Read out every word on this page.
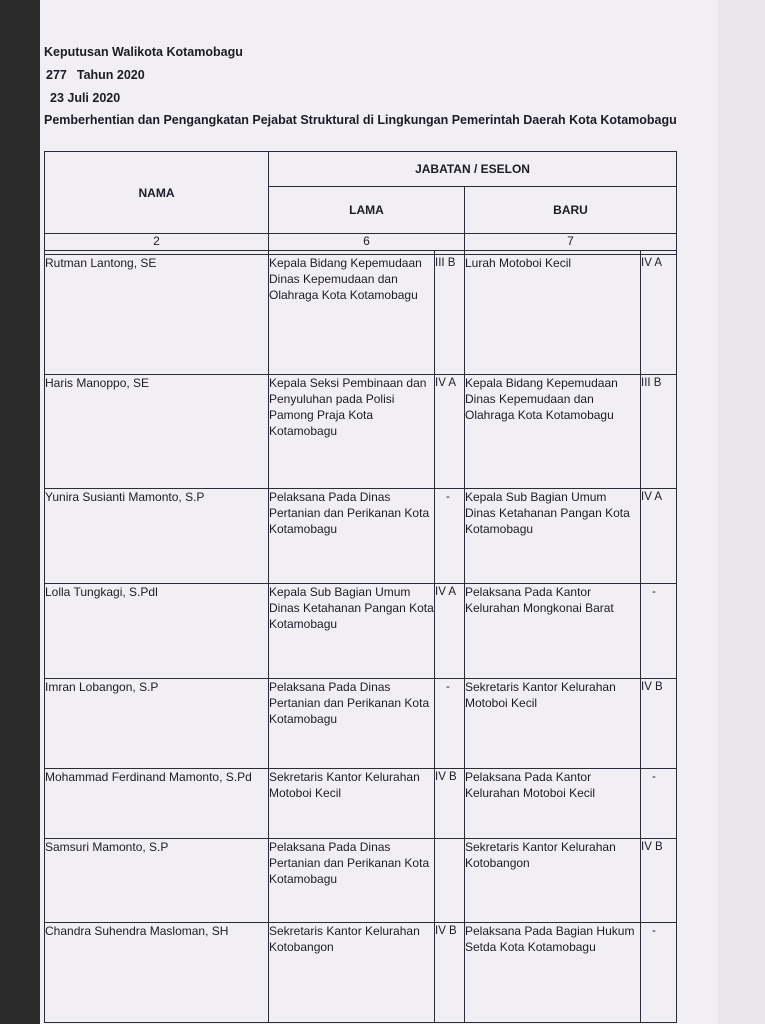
Keputusan Walikota Kotamobagu
277 Tahun 2020
23 Juli 2020
Pemberhentian dan Pengangkatan Pejabat Struktural di Lingkungan Pemerintah Daerah Kota Kotamobagu
NAMA	JABATAN / ESELON			
	LAMA		BARU	
2	6		7	

Rutman Lantong, SE	Kepala Bidang Kepemudaan Dinas Kepemudaan dan Olahraga Kota Kotamobagu	III B	Lurah Motoboi Kecil	IV A
Haris Manoppo, SE	Kepala Seksi Pembinaan dan Penyuluhan pada Polisi Pamong Praja Kota Kotamobagu	IV A	Kepala Bidang Kepemudaan Dinas Kepemudaan dan Olahraga Kota Kotamobagu	III B
Yunira Susianti Mamonto, S.P	Pelaksana Pada Dinas Pertanian dan Perikanan Kota Kotamobagu	-	Kepala Sub Bagian Umum Dinas Ketahanan Pangan Kota Kotamobagu	IV A
Lolla Tungkagi, S.Pdl	Kepala Sub Bagian Umum Dinas Ketahanan Pangan Kota Kotamobagu	IV A	Pelaksana Pada Kantor Kelurahan Mongkonai Barat	-
Imran Lobangon, S.P	Pelaksana Pada Dinas Pertanian dan Perikanan Kota Kotamobagu	-	Sekretaris Kantor Kelurahan Motoboi Kecil	IV B
Mohammad Ferdinand Mamonto, S.Pd	Sekretaris Kantor Kelurahan Motoboi Kecil	IV B	Pelaksana Pada Kantor Kelurahan Motoboi Kecil	-
Samsuri Mamonto, S.P	Pelaksana Pada Dinas Pertanian dan Perikanan Kota Kotamobagu		Sekretaris Kantor Kelurahan Kotobangon	IV B
Chandra Suhendra Masloman, SH	Sekretaris Kantor Kelurahan Kotobangon	IV B	Pelaksana Pada Bagian Hukum Setda Kota Kotamobagu	-
